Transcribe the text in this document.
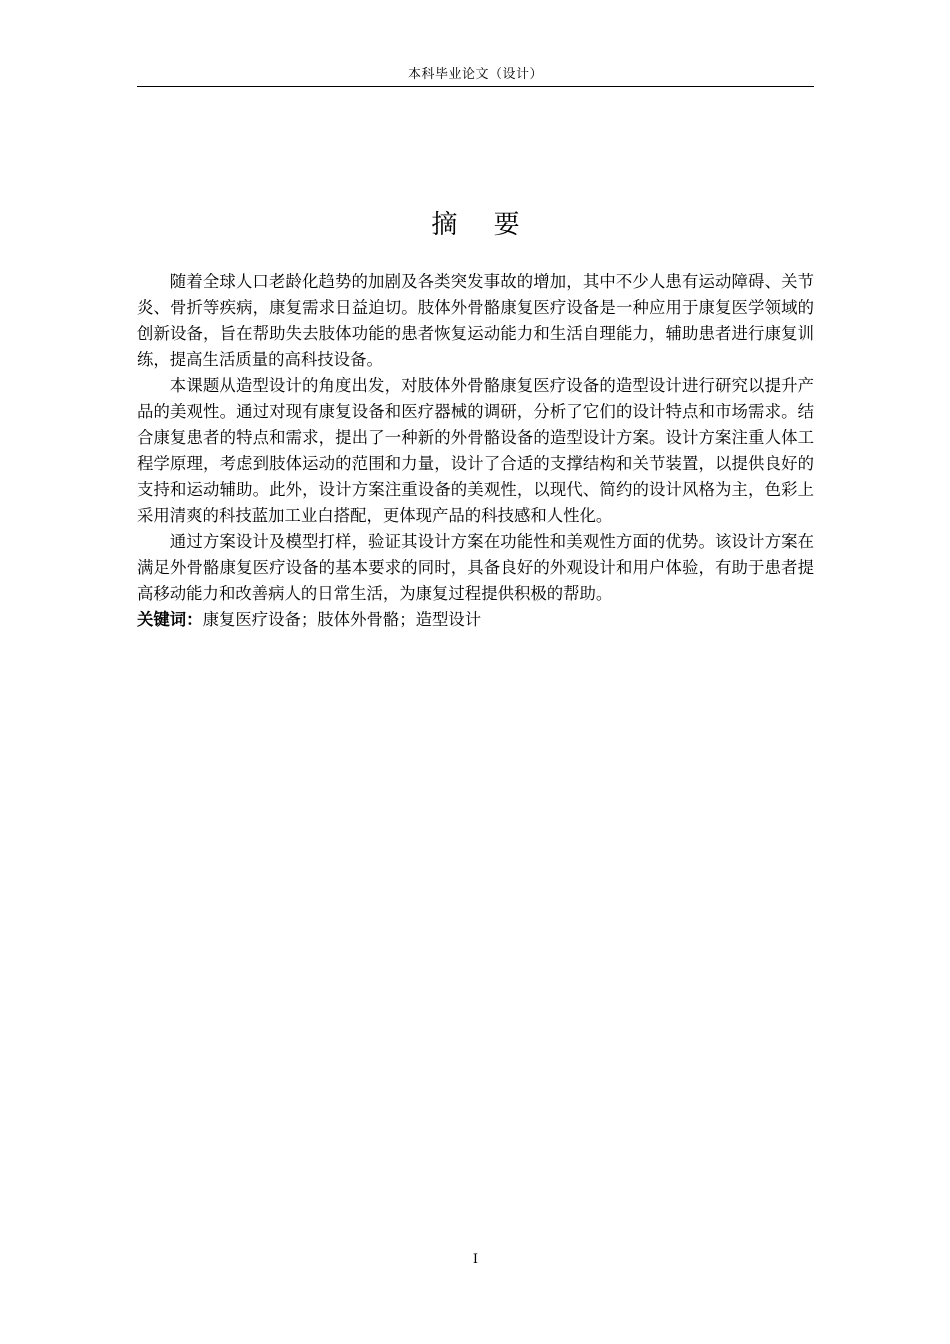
本科毕业论文（设计）
摘 要

随着全球人口老龄化趋势的加剧及各类突发事故的增加，其中不少人患有运动障碍、关节炎、骨折等疾病，康复需求日益迫切。肢体外骨骼康复医疗设备是一种应用于康复医学领域的创新设备，旨在帮助失去肢体功能的患者恢复运动能力和生活自理能力，辅助患者进行康复训练，提高生活质量的高科技设备。

本课题从造型设计的角度出发，对肢体外骨骼康复医疗设备的造型设计进行研究以提升产品的美观性。通过对现有康复设备和医疗器械的调研，分析了它们的设计特点和市场需求。结合康复患者的特点和需求，提出了一种新的外骨骼设备的造型设计方案。设计方案注重人体工程学原理，考虑到肢体运动的范围和力量，设计了合适的支撑结构和关节装置，以提供良好的支持和运动辅助。此外，设计方案注重设备的美观性，以现代、简约的设计风格为主，色彩上采用清爽的科技蓝加工业白搭配，更体现产品的科技感和人性化。

通过方案设计及模型打样，验证其设计方案在功能性和美观性方面的优势。该设计方案在满足外骨骼康复医疗设备的基本要求的同时，具备良好的外观设计和用户体验，有助于患者提高移动能力和改善病人的日常生活，为康复过程提供积极的帮助。

关键词：康复医疗设备；肢体外骨骼；造型设计

I
